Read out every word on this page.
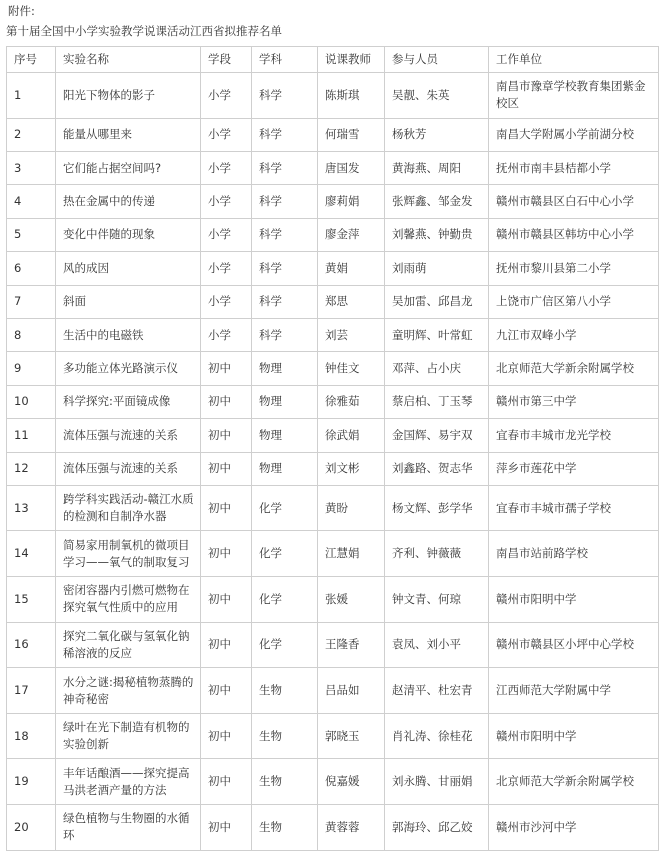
附件:
第十届全国中小学实验教学说课活动江西省拟推荐名单
序号	实验名称	学段	学科	说课教师	参与人员	工作单位
1	阳光下物体的影子	小学	科学	陈斯琪	吴靓、朱英	南昌市豫章学校教育集团紫金校区
2	能量从哪里来	小学	科学	何瑞雪	杨秋芳	南昌大学附属小学前湖分校
3	它们能占据空间吗?	小学	科学	唐国发	黄海燕、周阳	抚州市南丰县桔都小学
4	热在金属中的传递	小学	科学	廖莉娟	张辉鑫、邹金发	赣州市赣县区白石中心小学
5	变化中伴随的现象	小学	科学	廖金萍	刘馨燕、钟勤贵	赣州市赣县区韩坊中心小学
6	风的成因	小学	科学	黄娟	刘雨萌	抚州市黎川县第二小学
7	斜面	小学	科学	郑思	吴加雷、邱昌龙	上饶市广信区第八小学
8	生活中的电磁铁	小学	科学	刘芸	童明辉、叶常虹	九江市双峰小学
9	多功能立体光路演示仪	初中	物理	钟佳文	邓萍、占小庆	北京师范大学新余附属学校
10	科学探究:平面镜成像	初中	物理	徐雅茹	蔡启柏、丁玉琴	赣州市第三中学
11	流体压强与流速的关系	初中	物理	徐武娟	金国辉、易宇双	宜春市丰城市龙光学校
12	流体压强与流速的关系	初中	物理	刘文彬	刘鑫路、贺志华	萍乡市莲花中学
13	跨学科实践活动-赣江水质的检测和自制净水器	初中	化学	黄盼	杨文辉、彭学华	宜春市丰城市孺子学校
14	简易家用制氧机的微项目学习——氧气的制取复习	初中	化学	江慧娟	齐利、钟薇薇	南昌市站前路学校
15	密闭容器内引燃可燃物在探究氧气性质中的应用	初中	化学	张媛	钟文青、何琼	赣州市阳明中学
16	探究二氧化碳与氢氧化钠稀溶液的反应	初中	化学	王隆香	袁凤、刘小平	赣州市赣县区小坪中心学校
17	水分之谜:揭秘植物蒸腾的神奇秘密	初中	生物	吕品如	赵清平、杜宏青	江西师范大学附属中学
18	绿叶在光下制造有机物的实验创新	初中	生物	郭晓玉	肖礼涛、徐桂花	赣州市阳明中学
19	丰年话酿酒——探究提高马洪老酒产量的方法	初中	生物	倪嘉媛	刘永腾、甘丽娟	北京师范大学新余附属学校
20	绿色植物与生物圈的水循环	初中	生物	黄蓉蓉	郭海玲、邱乙姣	赣州市沙河中学
